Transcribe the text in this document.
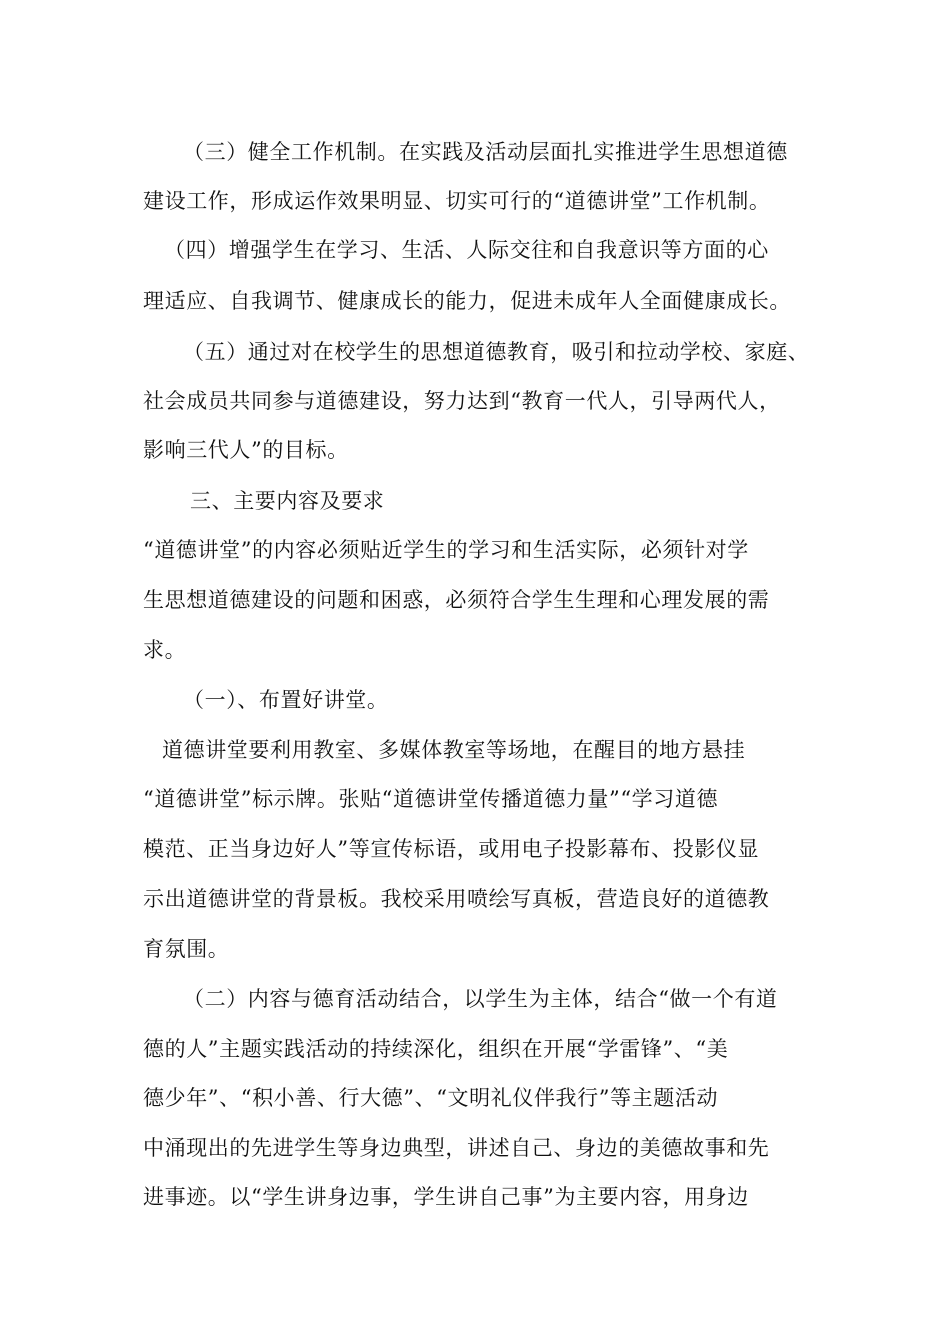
（三）健全工作机制。在实践及活动层面扎实推进学生思想道德
建设工作，形成运作效果明显、切实可行的“道德讲堂”工作机制。
（四）增强学生在学习、生活、人际交往和自我意识等方面的心
理适应、自我调节、健康成长的能力，促进未成年人全面健康成长。
（五）通过对在校学生的思想道德教育，吸引和拉动学校、家庭、
社会成员共同参与道德建设，努力达到“教育一代人，引导两代人，
影响三代人”的目标。
三、主要内容及要求
“道德讲堂”的内容必须贴近学生的学习和生活实际，必须针对学
生思想道德建设的问题和困惑，必须符合学生生理和心理发展的需
求。
（一）、布置好讲堂。
道德讲堂要利用教室、多媒体教室等场地，在醒目的地方悬挂
“道德讲堂”标示牌。张贴“道德讲堂传播道德力量”“学习道德
模范、正当身边好人”等宣传标语，或用电子投影幕布、投影仪显
示出道德讲堂的背景板。我校采用喷绘写真板，营造良好的道德教
育氛围。
（二）内容与德育活动结合，以学生为主体，结合“做一个有道
德的人”主题实践活动的持续深化，组织在开展“学雷锋”、“美
德少年”、“积小善、行大德”、“文明礼仪伴我行”等主题活动
中涌现出的先进学生等身边典型，讲述自己、身边的美德故事和先
进事迹。以“学生讲身边事，学生讲自己事”为主要内容，用身边
